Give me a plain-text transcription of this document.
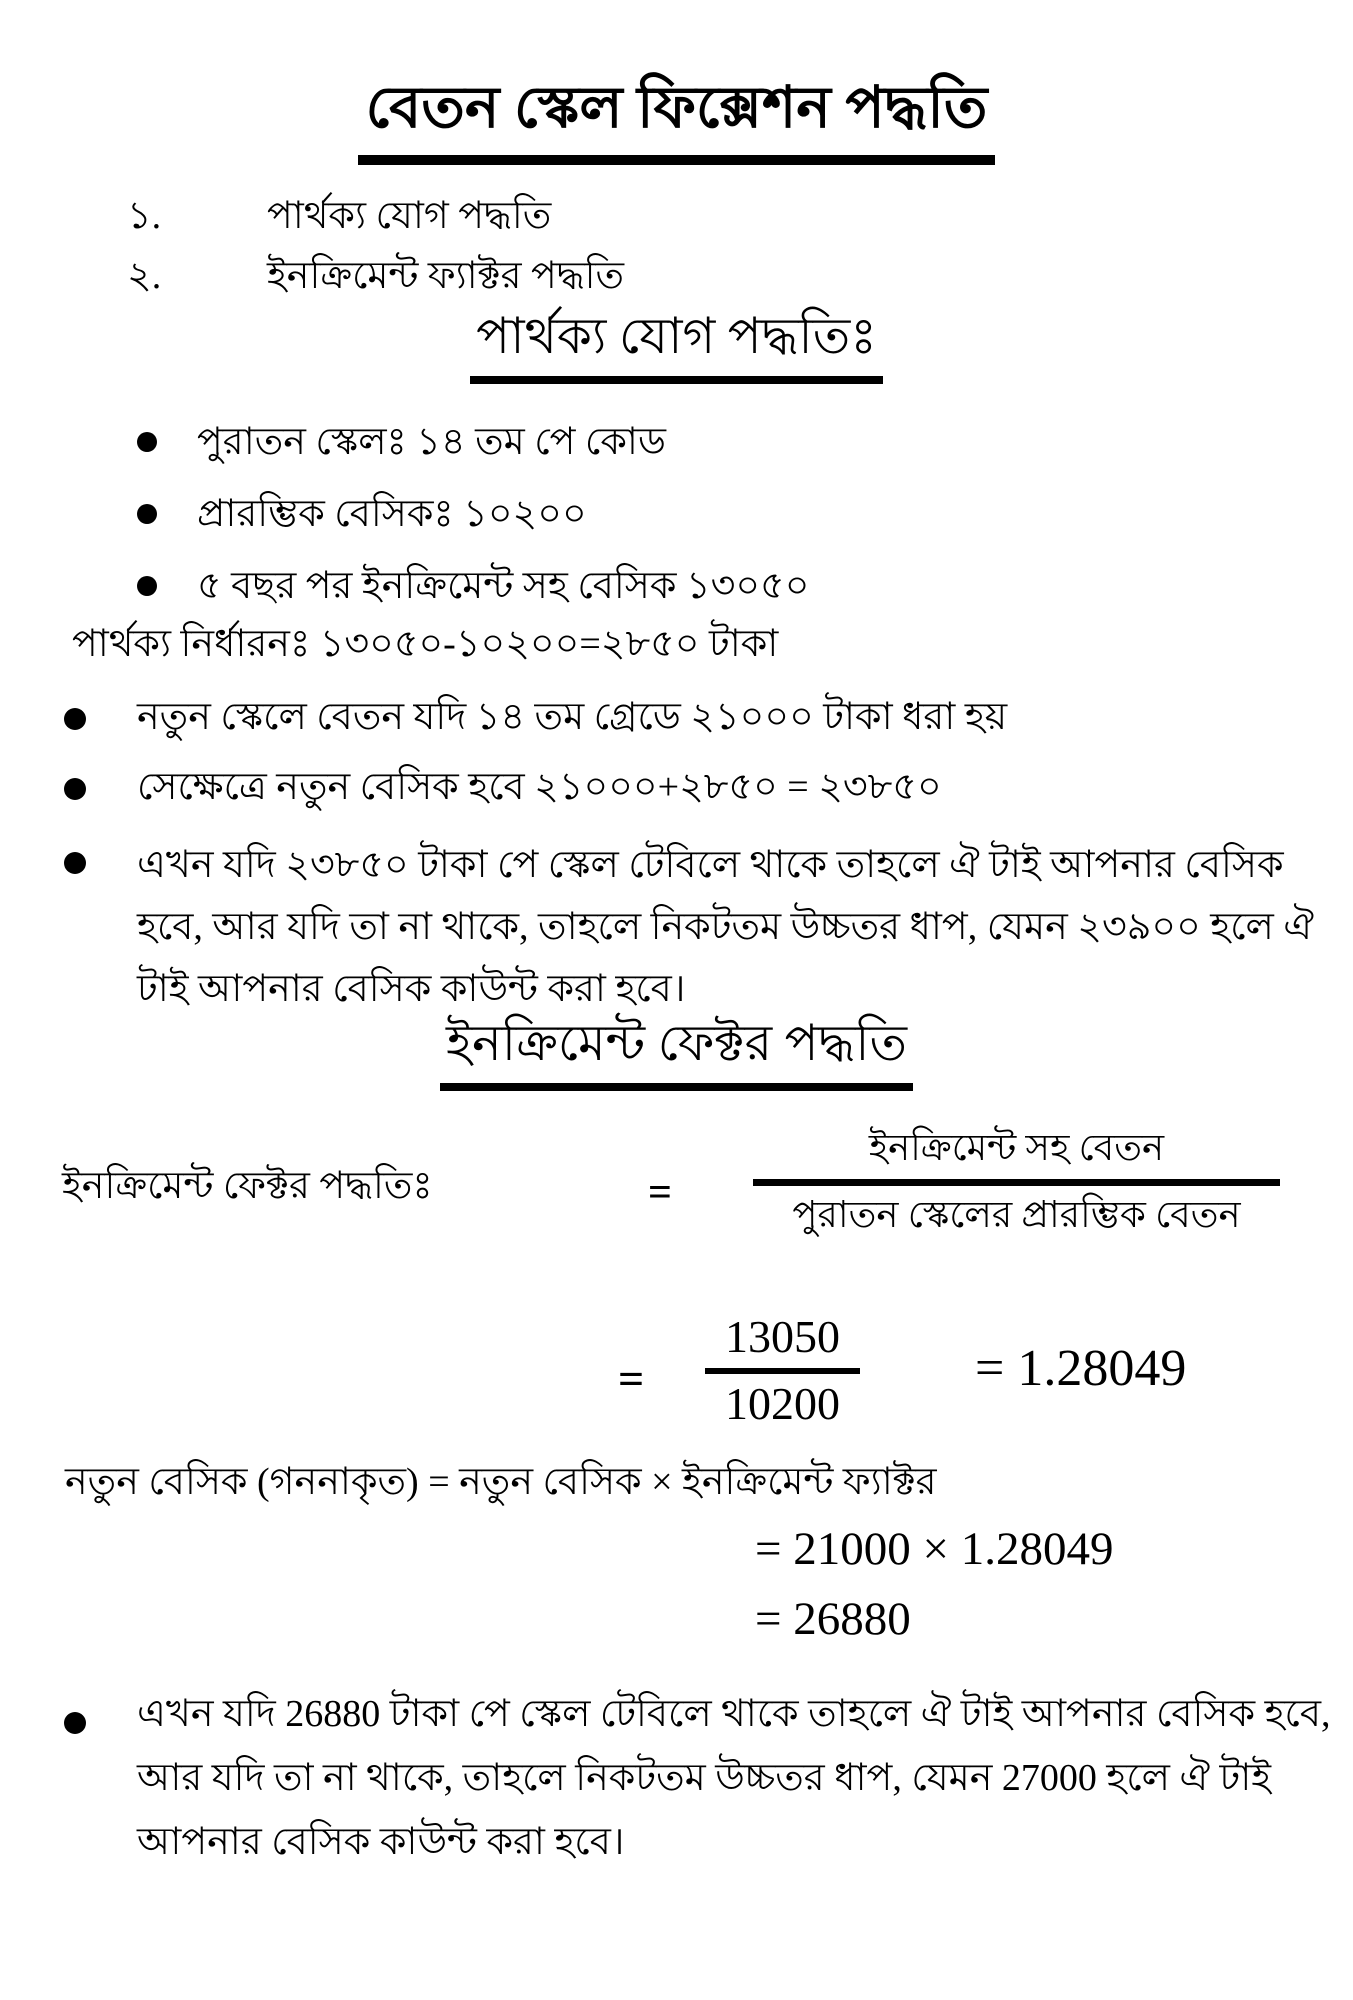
বেতন স্কেল ফিক্সেশন পদ্ধতি
১.	পার্থক্য যোগ পদ্ধতি
২.	ইনক্রিমেন্ট ফ্যাক্টর পদ্ধতি
পার্থক্য যোগ পদ্ধতিঃ
পুরাতন স্কেলঃ ১৪ তম পে কোড
প্রারম্ভিক বেসিকঃ ১০২০০
৫ বছর পর ইনক্রিমেন্ট সহ বেসিক ১৩০৫০
পার্থক্য নির্ধারনঃ ১৩০৫০-১০২০০=২৮৫০ টাকা
নতুন স্কেলে বেতন যদি ১৪ তম গ্রেডে ২১০০০ টাকা ধরা হয়
সেক্ষেত্রে নতুন বেসিক হবে ২১০০০+২৮৫০ = ২৩৮৫০
এখন যদি ২৩৮৫০ টাকা পে স্কেল টেবিলে থাকে তাহলে ঐ টাই আপনার বেসিক হবে, আর যদি তা না থাকে, তাহলে নিকটতম উচ্চতর ধাপ, যেমন ২৩৯০০ হলে ঐ টাই আপনার বেসিক কাউন্ট করা হবে।
ইনক্রিমেন্ট ফেক্টর পদ্ধতি
ইনক্রিমেন্ট ফেক্টর পদ্ধতিঃ	=
ইনক্রিমেন্ট সহ বেতন
পুরাতন স্কেলের প্রারম্ভিক বেতন
=
13050
10200
= 1.28049
নতুন বেসিক (গননাকৃত) = নতুন বেসিক × ইনক্রিমেন্ট ফ্যাক্টর
= 21000 × 1.28049
= 26880
এখন যদি 26880 টাকা পে স্কেল টেবিলে থাকে তাহলে ঐ টাই আপনার বেসিক হবে, আর যদি তা না থাকে, তাহলে নিকটতম উচ্চতর ধাপ, যেমন 27000 হলে ঐ টাই আপনার বেসিক কাউন্ট করা হবে।
